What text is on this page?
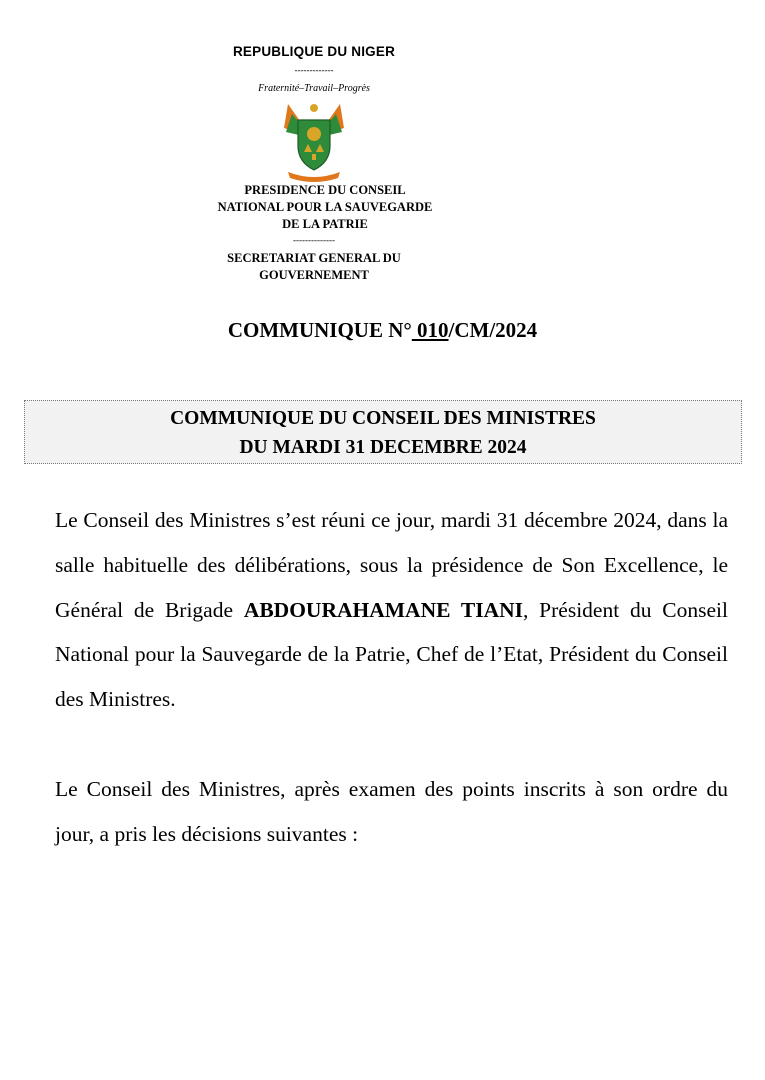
REPUBLIQUE DU NIGER
-------------
Fraternité–Travail–Progrès
PRESIDENCE DU CONSEIL
NATIONAL POUR LA SAUVEGARDE
DE LA PATRIE
--------------
SECRETARIAT GENERAL DU
GOUVERNEMENT
COMMUNIQUE N° 010/CM/2024
COMMUNIQUE DU CONSEIL DES MINISTRES
DU MARDI 31 DECEMBRE 2024

Le Conseil des Ministres s’est réuni ce jour, mardi 31 décembre 2024, dans la salle habituelle des délibérations, sous la présidence de Son Excellence, le Général de Brigade ABDOURAHAMANE TIANI, Président du Conseil National pour la Sauvegarde de la Patrie, Chef de l’Etat, Président du Conseil des Ministres.

Le Conseil des Ministres, après examen des points inscrits à son ordre du jour, a pris les décisions suivantes :
